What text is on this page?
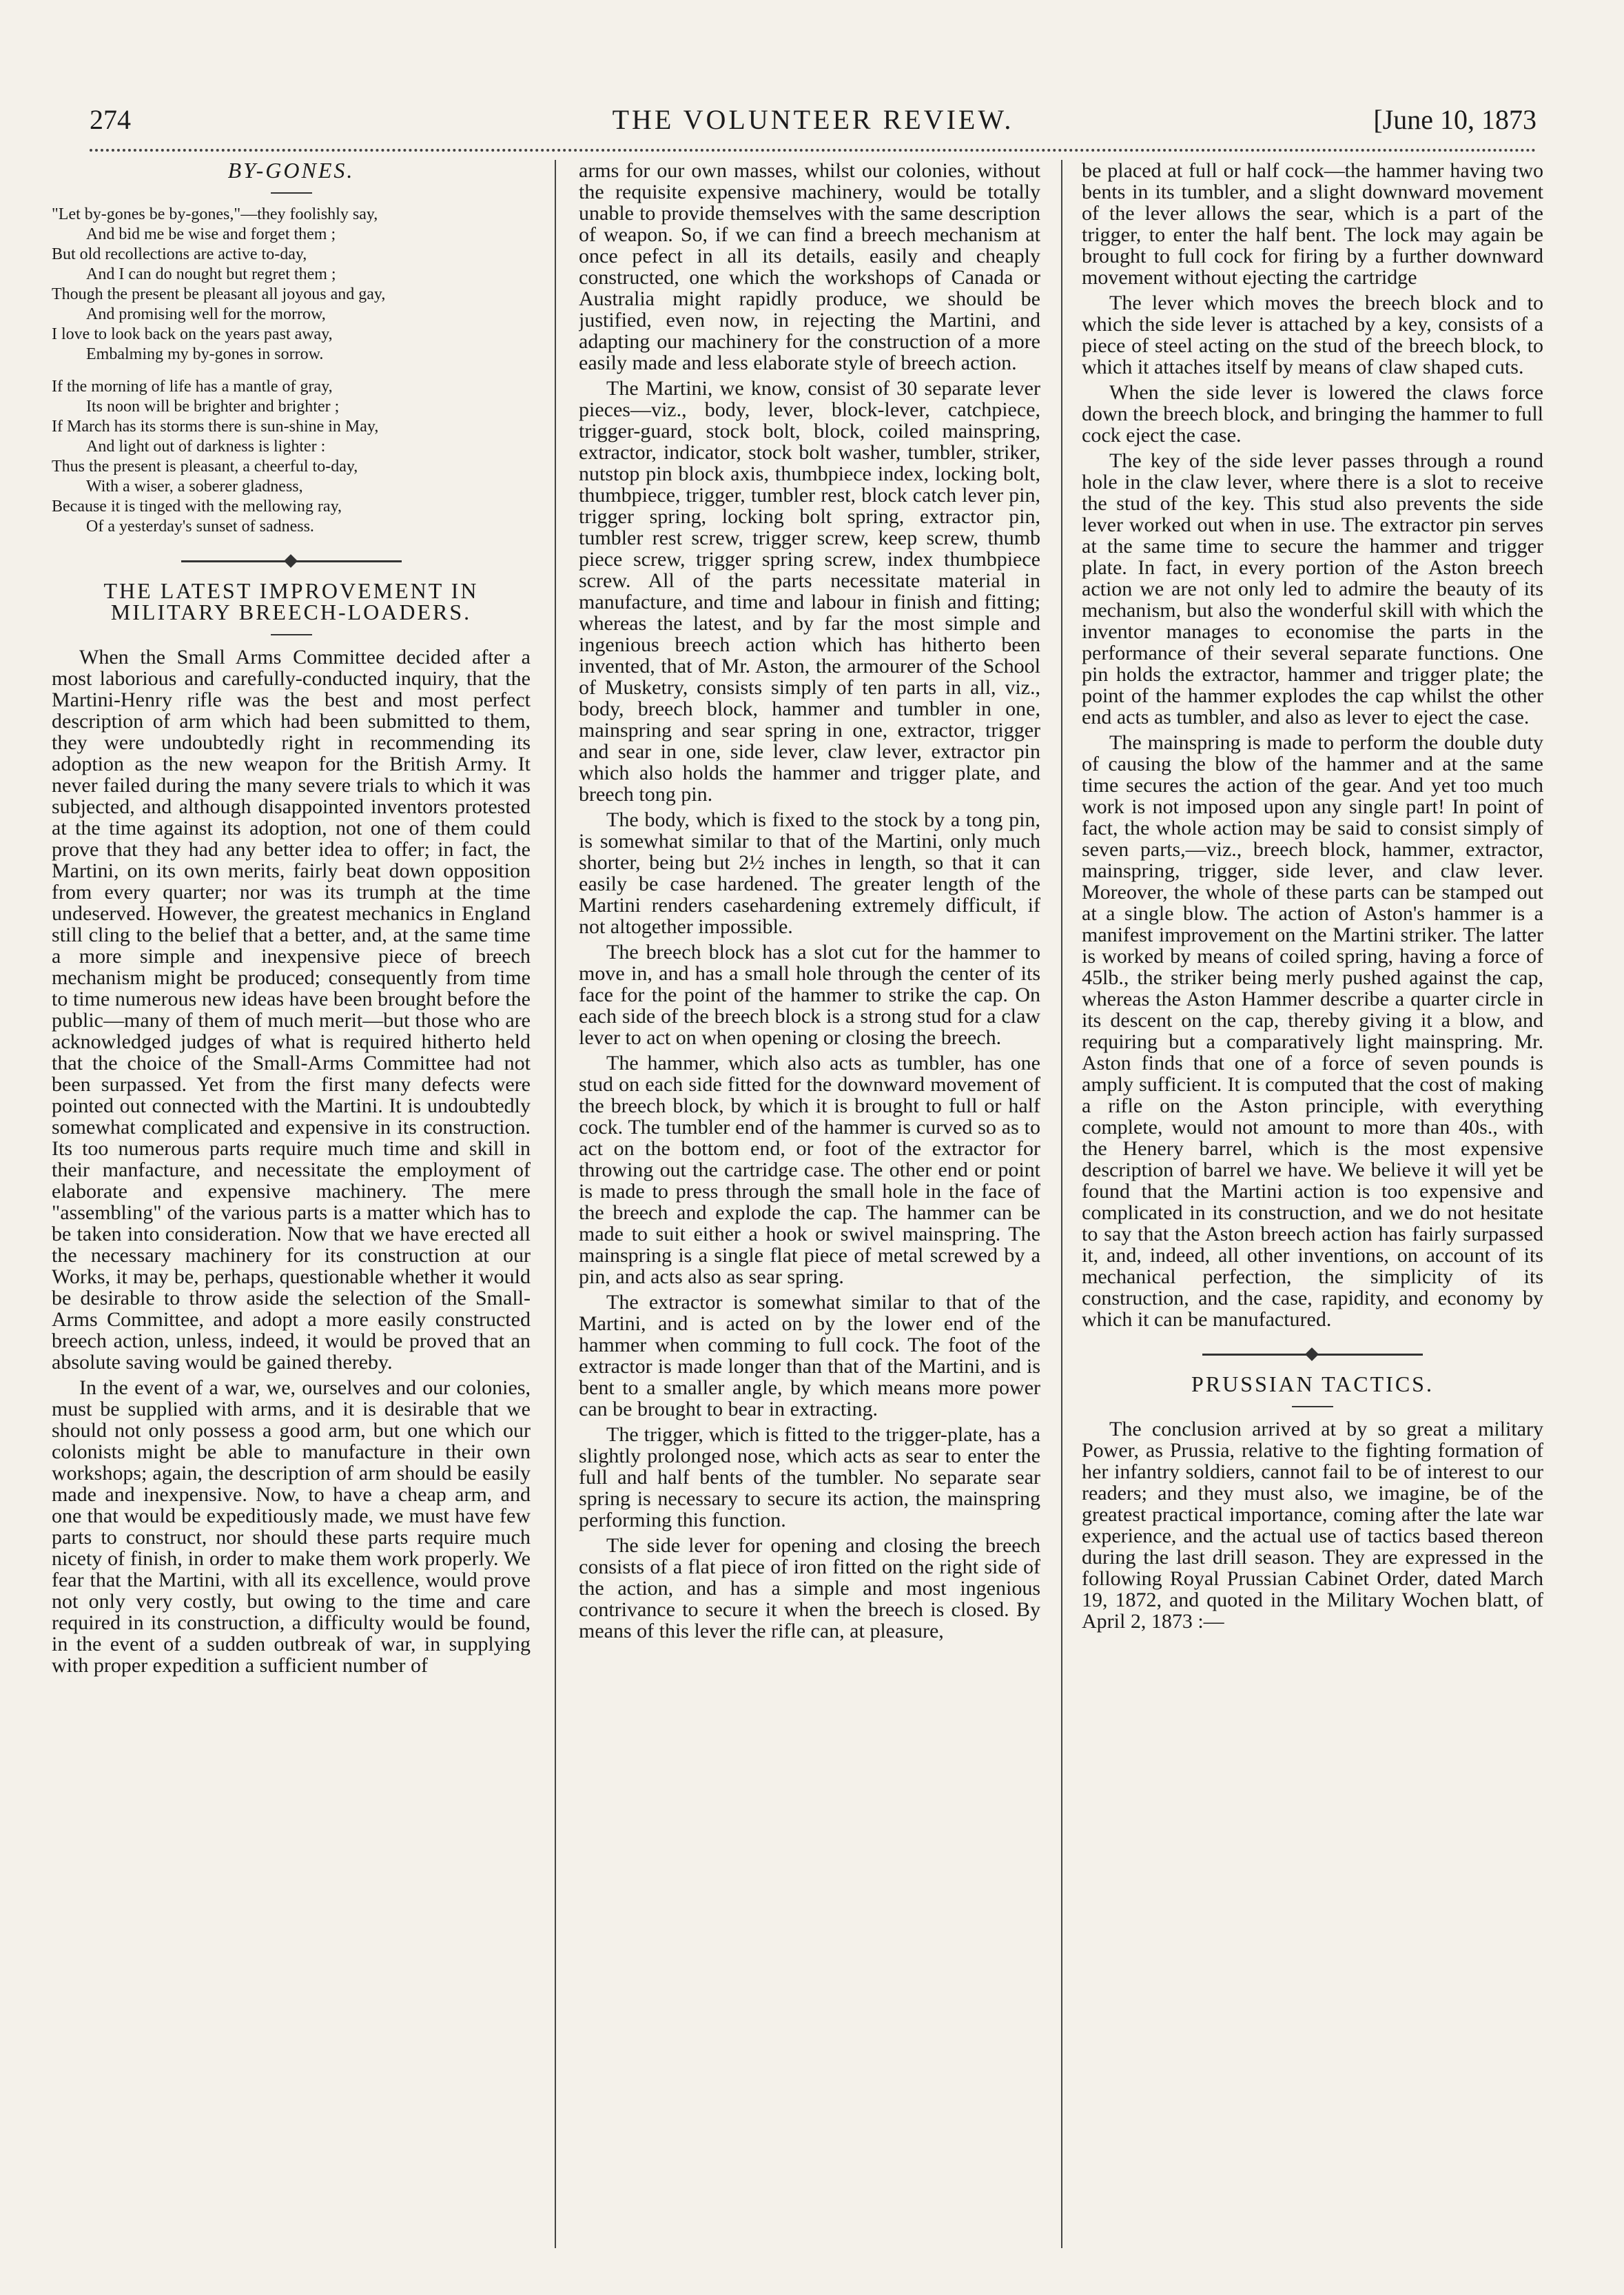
274	THE VOLUNTEER REVIEW.	[June 10, 1873
BY-GONES.
"Let by-gones be by-gones,"—they foolishly say,
And bid me be wise and forget them ;
But old recollections are active to-day,
And I can do nought but regret them ;
Though the present be pleasant all joyous and gay,
And promising well for the morrow,
I love to look back on the years past away,
Embalming my by-gones in sorrow.
If the morning of life has a mantle of gray,
Its noon will be brighter and brighter ;
If March has its storms there is sun-shine in May,
And light out of darkness is lighter :
Thus the present is pleasant, a cheerful to-day,
With a wiser, a soberer gladness,
Because it is tinged with the mellowing ray,
Of a yesterday's sunset of sadness.
THE LATEST IMPROVEMENT IN
MILITARY BREECH-LOADERS.

When the Small Arms Committee decided after a most laborious and carefully-conducted inquiry, that the Martini-Henry rifle was the best and most perfect description of arm which had been submitted to them, they were undoubtedly right in recommending its adoption as the new weapon for the British Army. It never failed during the many severe trials to which it was subjected, and although disappointed inventors protested at the time against its adoption, not one of them could prove that they had any better idea to offer; in fact, the Martini, on its own merits, fairly beat down opposition from every quarter; nor was its trumph at the time undeserved. However, the greatest mechanics in England still cling to the belief that a better, and, at the same time a more simple and inexpensive piece of breech mechanism might be produced; consequently from time to time numerous new ideas have been brought before the public—many of them of much merit—but those who are acknowledged judges of what is required hitherto held that the choice of the Small-Arms Committee had not been surpassed. Yet from the first many defects were pointed out connected with the Martini. It is undoubtedly somewhat complicated and expensive in its construction. Its too numerous parts require much time and skill in their manfacture, and necessitate the employment of elaborate and expensive machinery. The mere "assembling" of the various parts is a matter which has to be taken into consideration. Now that we have erected all the necessary machinery for its construction at our Works, it may be, perhaps, questionable whether it would be desirable to throw aside the selection of the Small-Arms Committee, and adopt a more easily constructed breech action, unless, indeed, it would be proved that an absolute saving would be gained thereby.

In the event of a war, we, ourselves and our colonies, must be supplied with arms, and it is desirable that we should not only possess a good arm, but one which our colonists might be able to manufacture in their own workshops; again, the description of arm should be easily made and inexpensive. Now, to have a cheap arm, and one that would be expeditiously made, we must have few parts to construct, nor should these parts require much nicety of finish, in order to make them work properly. We fear that the Martini, with all its excellence, would prove not only very costly, but owing to the time and care required in its construction, a difficulty would be found, in the event of a sudden outbreak of war, in supplying with proper expedition a sufficient number of

arms for our own masses, whilst our colonies, without the requisite expensive machinery, would be totally unable to provide themselves with the same description of weapon. So, if we can find a breech mechanism at once pefect in all its details, easily and cheaply constructed, one which the workshops of Canada or Australia might rapidly produce, we should be justified, even now, in rejecting the Martini, and adapting our machinery for the construction of a more easily made and less elaborate style of breech action.

The Martini, we know, consist of 30 separate lever pieces—viz., body, lever, block-lever, catchpiece, trigger-guard, stock bolt, block, coiled mainspring, extractor, indicator, stock bolt washer, tumbler, striker, nutstop pin block axis, thumbpiece index, locking bolt, thumbpiece, trigger, tumbler rest, block catch lever pin, trigger spring, locking bolt spring, extractor pin, tumbler rest screw, trigger screw, keep screw, thumb piece screw, trigger spring screw, index thumbpiece screw. All of the parts necessitate material in manufacture, and time and labour in finish and fitting; whereas the latest, and by far the most simple and ingenious breech action which has hitherto been invented, that of Mr. Aston, the armourer of the School of Musketry, consists simply of ten parts in all, viz., body, breech block, hammer and tumbler in one, mainspring and sear spring in one, extractor, trigger and sear in one, side lever, claw lever, extractor pin which also holds the hammer and trigger plate, and breech tong pin.

The body, which is fixed to the stock by a tong pin, is somewhat similar to that of the Martini, only much shorter, being but 2½ inches in length, so that it can easily be case hardened. The greater length of the Martini renders casehardening extremely difficult, if not altogether impossible.

The breech block has a slot cut for the hammer to move in, and has a small hole through the center of its face for the point of the hammer to strike the cap. On each side of the breech block is a strong stud for a claw lever to act on when opening or closing the breech.

The hammer, which also acts as tumbler, has one stud on each side fitted for the downward movement of the breech block, by which it is brought to full or half cock. The tumbler end of the hammer is curved so as to act on the bottom end, or foot of the extractor for throwing out the cartridge case. The other end or point is made to press through the small hole in the face of the breech and explode the cap. The hammer can be made to suit either a hook or swivel mainspring. The mainspring is a single flat piece of metal screwed by a pin, and acts also as sear spring.

The extractor is somewhat similar to that of the Martini, and is acted on by the lower end of the hammer when comming to full cock. The foot of the extractor is made longer than that of the Martini, and is bent to a smaller angle, by which means more power can be brought to bear in extracting.

The trigger, which is fitted to the trigger-plate, has a slightly prolonged nose, which acts as sear to enter the full and half bents of the tumbler. No separate sear spring is necessary to secure its action, the mainspring performing this function.

The side lever for opening and closing the breech consists of a flat piece of iron fitted on the right side of the action, and has a simple and most ingenious contrivance to secure it when the breech is closed. By means of this lever the rifle can, at pleasure,

be placed at full or half cock—the hammer having two bents in its tumbler, and a slight downward movement of the lever allows the sear, which is a part of the trigger, to enter the half bent. The lock may again be brought to full cock for firing by a further downward movement without ejecting the cartridge

The lever which moves the breech block and to which the side lever is attached by a key, consists of a piece of steel acting on the stud of the breech block, to which it attaches itself by means of claw shaped cuts.

When the side lever is lowered the claws force down the breech block, and bringing the hammer to full cock eject the case.

The key of the side lever passes through a round hole in the claw lever, where there is a slot to receive the stud of the key. This stud also prevents the side lever worked out when in use. The extractor pin serves at the same time to secure the hammer and trigger plate. In fact, in every portion of the Aston breech action we are not only led to admire the beauty of its mechanism, but also the wonderful skill with which the inventor manages to economise the parts in the performance of their several separate functions. One pin holds the extractor, hammer and trigger plate; the point of the hammer explodes the cap whilst the other end acts as tumbler, and also as lever to eject the case.

The mainspring is made to perform the double duty of causing the blow of the hammer and at the same time secures the action of the gear. And yet too much work is not imposed upon any single part! In point of fact, the whole action may be said to consist simply of seven parts,—viz., breech block, hammer, extractor, mainspring, trigger, side lever, and claw lever. Moreover, the whole of these parts can be stamped out at a single blow. The action of Aston's hammer is a manifest improvement on the Martini striker. The latter is worked by means of coiled spring, having a force of 45lb., the striker being merly pushed against the cap, whereas the Aston Hammer describe a quarter circle in its descent on the cap, thereby giving it a blow, and requiring but a comparatively light mainspring. Mr. Aston finds that one of a force of seven pounds is amply sufficient. It is computed that the cost of making a rifle on the Aston principle, with everything complete, would not amount to more than 40s., with the Henery barrel, which is the most expensive description of barrel we have. We believe it will yet be found that the Martini action is too expensive and complicated in its construction, and we do not hesitate to say that the Aston breech action has fairly surpassed it, and, indeed, all other inventions, on account of its mechanical perfection, the simplicity of its construction, and the case, rapidity, and economy by which it can be manufactured.

PRUSSIAN TACTICS.

The conclusion arrived at by so great a military Power, as Prussia, relative to the fighting formation of her infantry soldiers, cannot fail to be of interest to our readers; and they must also, we imagine, be of the greatest practical importance, coming after the late war experience, and the actual use of tactics based thereon during the last drill season. They are expressed in the following Royal Prussian Cabinet Order, dated March 19, 1872, and quoted in the Military Wochen blatt, of April 2, 1873 :—
